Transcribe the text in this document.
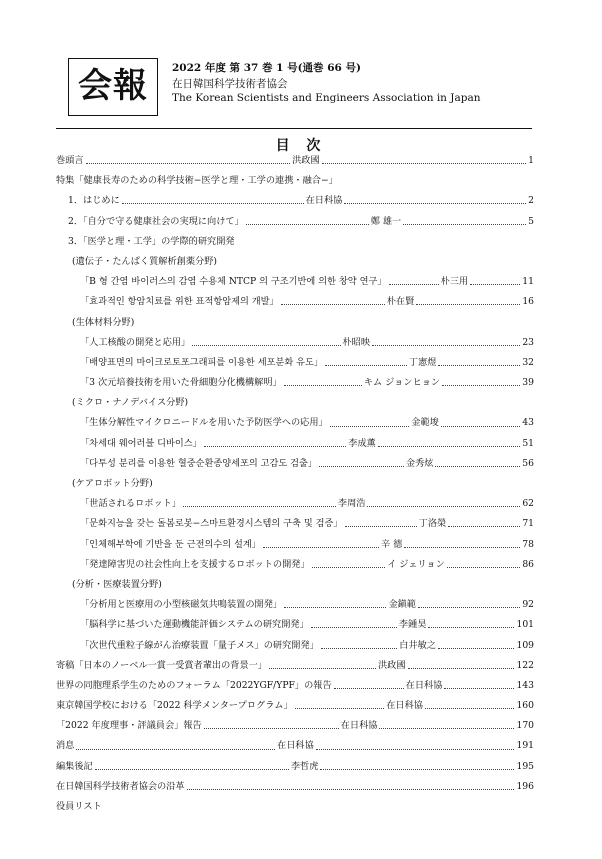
会報	2022 年度 第 37 巻 1 号(通巻 66 号)
在日韓国科学技術者協会
The Korean Scientists and Engineers Association in Japan
目 次
巻頭言	洪政國	1
特集「健康長寿のための科学技術−医学と理・工学の連携・融合−」
1．はじめに	在日科協	2
2．「自分で守る健康社会の実現に向けて」	鄭 雄一	5
3．「医学と理・工学」の学際的研究開発
(遺伝子・たんぱく質解析創薬分野)
「B 형 간염 바이러스의 감염 수용체 NTCP 의 구조기반에 의한 창약 연구」	朴三用	11
「효과적인 항암치료를 위한 표적항암제의 개발」	朴在賢	16
(生体材料分野)
「人工核酸の開発と応用」	朴昭映	23
「배양표면의 마이크로토포그래피를 이용한 세포분화 유도」	丁憲煜	32
「3 次元培養技術を用いた骨細胞分化機構解明」	キム ジョンヒョン	39
(ミクロ・ナノデバイス分野)
「生体分解性マイクロニードルを用いた予防医学への応用」	金範埈	43
「차세대 웨어러블 디바이스」	李成薫	51
「다투성 분리를 이용한 혈중순환종양세포의 고감도 검출」	金秀炫	56
(ケアロボット分野)
「世話されるロボット」	李周浩	62
「문화지능을 갖는 돌봄로봇−스마트환경시스템의 구축 및 검증」	丁洛榮	71
「인체해부학에 기반을 둔 근전의수의 설계」	辛 德	78
「発達障害児の社会性向上を支援するロボットの開発」	イ ジェリョン	86
(分析・医療装置分野)
「分析用と医療用の小型核磁気共鳴装置の開発」	金鎭範	92
「脳科学に基づいた運動機能評価システムの研究開発」	李鍾昊	101
「次世代重粒子線がん治療装置「量子メス」の研究開発」	白井敏之	109
寄稿「日本のノーベル一賞一受賞者輩出の背景一」	洪政國	122
世界の同胞理系学生のためのフォーラム「2022YGF/YPF」の報告	在日科協	143
東京韓国学校における「2022 科学メンタープログラム」	在日科協	160
「2022 年度理事・評議員会」報告	在日科協	170
消息	在日科協	191
編集後記	李哲虎	195
在日韓国科学技術者協会の沿革	196
役員リスト
